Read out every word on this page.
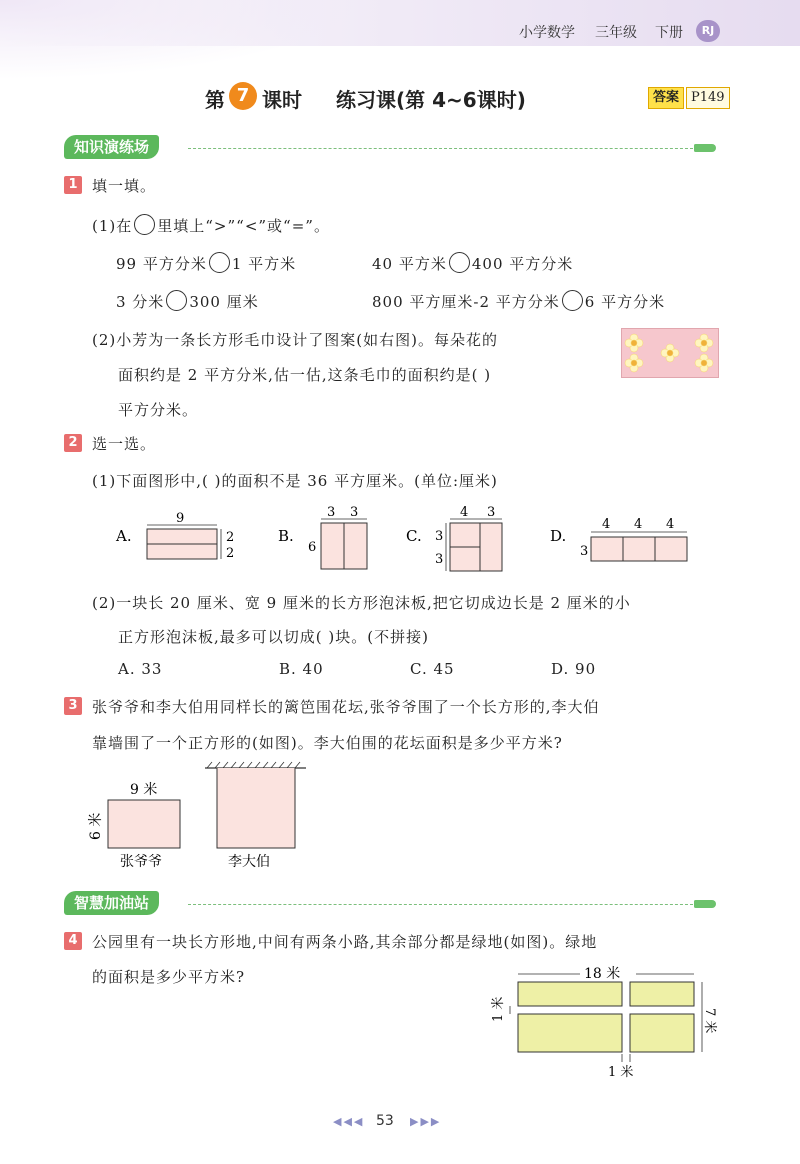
小学数学 三年级 下册	RJ
第 7 课时 练习课(第 4~6课时)	答案 P149
知识演练场
1 填一填。
(1)在 里填上“>”“<”或“=”。
99 平方分米 1 平方米	40 平方米 400 平方分米
3 分米 300 厘米	800 平方厘米-2 平方分米 6 平方分米
(2)小芳为一条长方形毛巾设计了图案(如右图)。每朵花的
面积约是 2 平方分米,估一估,这条毛巾的面积约是( )
平方分米。
2 选一选。
(1)下面图形中,( )的面积不是 36 平方厘米。(单位:厘米)
A.
9
2
2
B.
3 3
6
C.
4 3
3
3
D.
4 4 4
3
(2)一块长 20 厘米、宽 9 厘米的长方形泡沫板,把它切成边长是 2 厘米的小
正方形泡沫板,最多可以切成( )块。(不拼接)
A. 33	B. 40	C. 45	D. 90
3 张爷爷和李大伯用同样长的篱笆围花坛,张爷爷围了一个长方形的,李大伯
靠墙围了一个正方形的(如图)。李大伯围的花坛面积是多少平方米?
9 米
6 米
张爷爷	李大伯
智慧加油站
4 公园里有一块长方形地,中间有两条小路,其余部分都是绿地(如图)。绿地
的面积是多少平方米?	18 米
1 米	7 米
1 米
◀◀◀ 53 ▶▶▶
